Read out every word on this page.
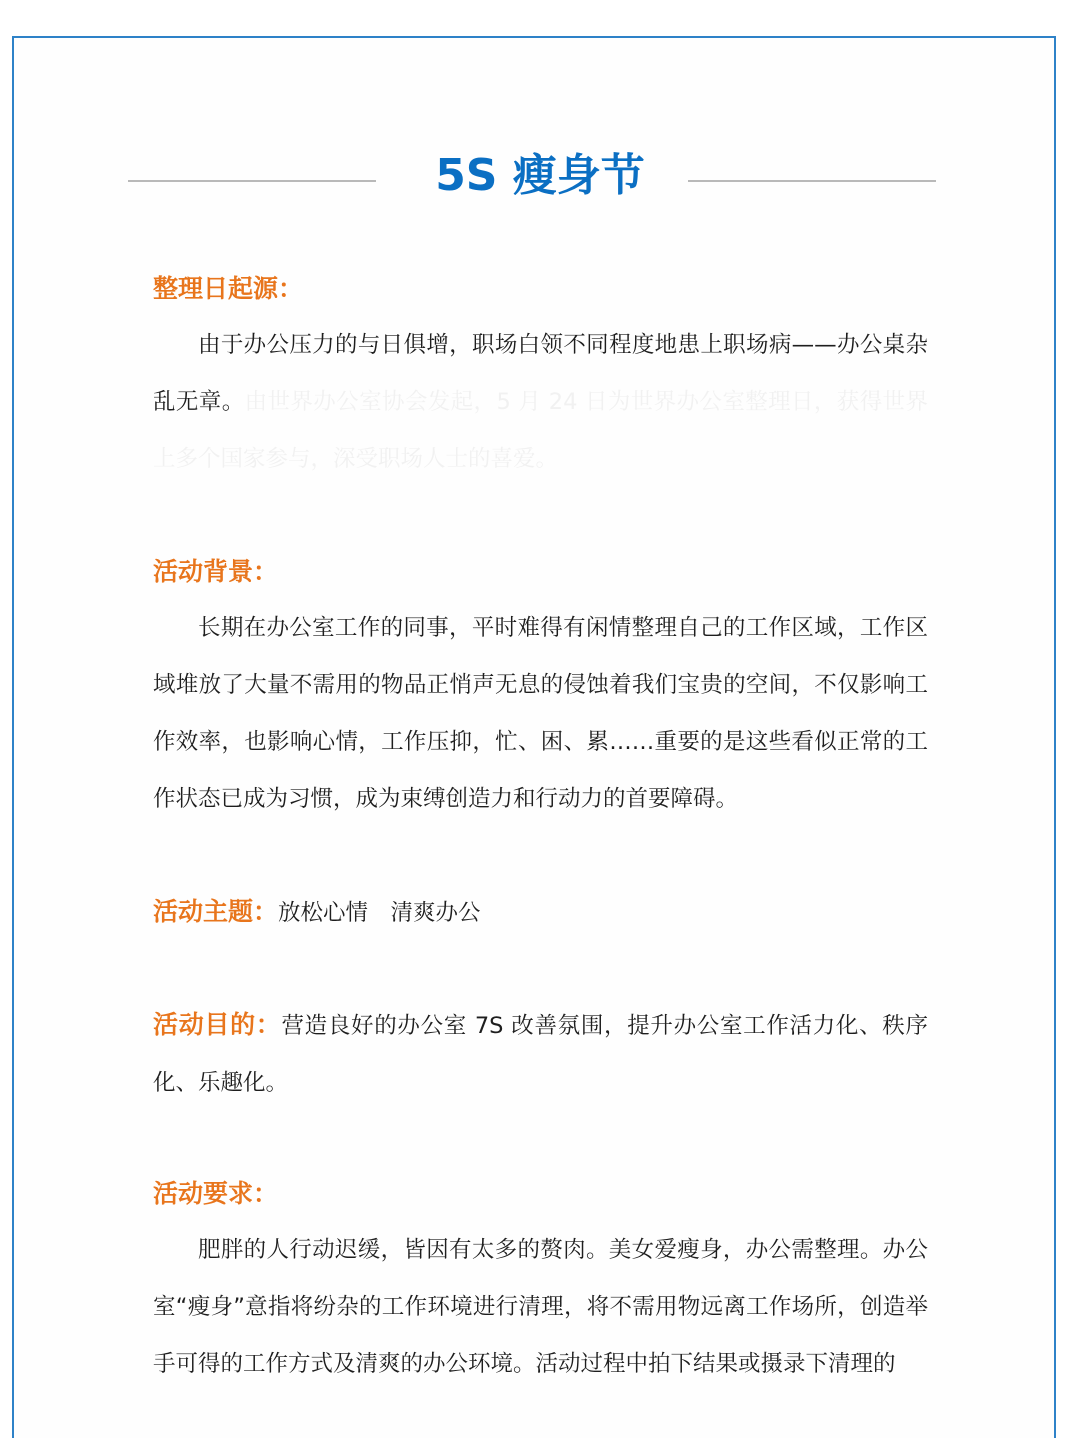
5S 瘦身节
整理日起源：
由于办公压力的与日俱增，职场白领不同程度地患上职场病——办公桌杂乱无章。由世界办公室协会发起，5 月 24 日为世界办公室整理日，获得世界上多个国家参与，深受职场人士的喜爱。
活动背景：
长期在办公室工作的同事，平时难得有闲情整理自己的工作区域，工作区域堆放了大量不需用的物品正悄声无息的侵蚀着我们宝贵的空间，不仅影响工作效率，也影响心情，工作压抑，忙、困、累……重要的是这些看似正常的工作状态已成为习惯，成为束缚创造力和行动力的首要障碍。
活动主题：放松心情　清爽办公
活动目的：营造良好的办公室 7S 改善氛围，提升办公室工作活力化、秩序化、乐趣化。
活动要求：
肥胖的人行动迟缓，皆因有太多的赘肉。美女爱瘦身，办公需整理。办公室“瘦身”意指将纷杂的工作环境进行清理，将不需用物远离工作场所，创造举手可得的工作方式及清爽的办公环境。活动过程中拍下结果或摄录下清理的
